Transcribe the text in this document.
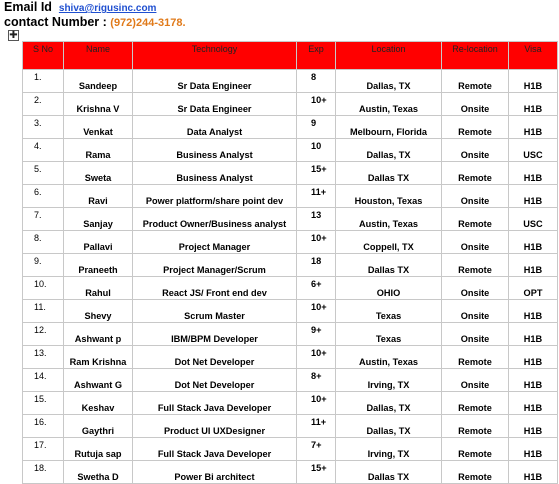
Email Id shiva@rigusinc.com
contact Number : (972)244-3178.
✚
S No	Name	Technology	Exp	Location	Re-location	Visa
1.	Sandeep	Sr Data Engineer	8	Dallas, TX	Remote	H1B
2.	Krishna V	Sr Data Engineer	10+	Austin, Texas	Onsite	H1B
3.	Venkat	Data Analyst	9	Melbourn, Florida	Remote	H1B
4.	Rama	Business Analyst	10	Dallas, TX	Onsite	USC
5.	Sweta	Business Analyst	15+	Dallas TX	Remote	H1B
6.	Ravi	Power platform/share point dev	11+	Houston, Texas	Onsite	H1B
7.	Sanjay	Product Owner/Business analyst	13	Austin, Texas	Remote	USC
8.	Pallavi	Project Manager	10+	Coppell, TX	Onsite	H1B
9.	Praneeth	Project Manager/Scrum	18	Dallas TX	Remote	H1B
10.	Rahul	React JS/ Front end dev	6+	OHIO	Onsite	OPT
11.	Shevy	Scrum Master	10+	Texas	Onsite	H1B
12.	Ashwant p	IBM/BPM Developer	9+	Texas	Onsite	H1B
13.	Ram Krishna	Dot Net Developer	10+	Austin, Texas	Remote	H1B
14.	Ashwant G	Dot Net Developer	8+	Irving, TX	Onsite	H1B
15.	Keshav	Full Stack Java Developer	10+	Dallas, TX	Remote	H1B
16.	Gaythri	Product UI UXDesigner	11+	Dallas, TX	Remote	H1B
17.	Rutuja sap	Full Stack Java Developer	7+	Irving, TX	Remote	H1B
18.	Swetha D	Power Bi architect	15+	Dallas TX	Remote	H1B
